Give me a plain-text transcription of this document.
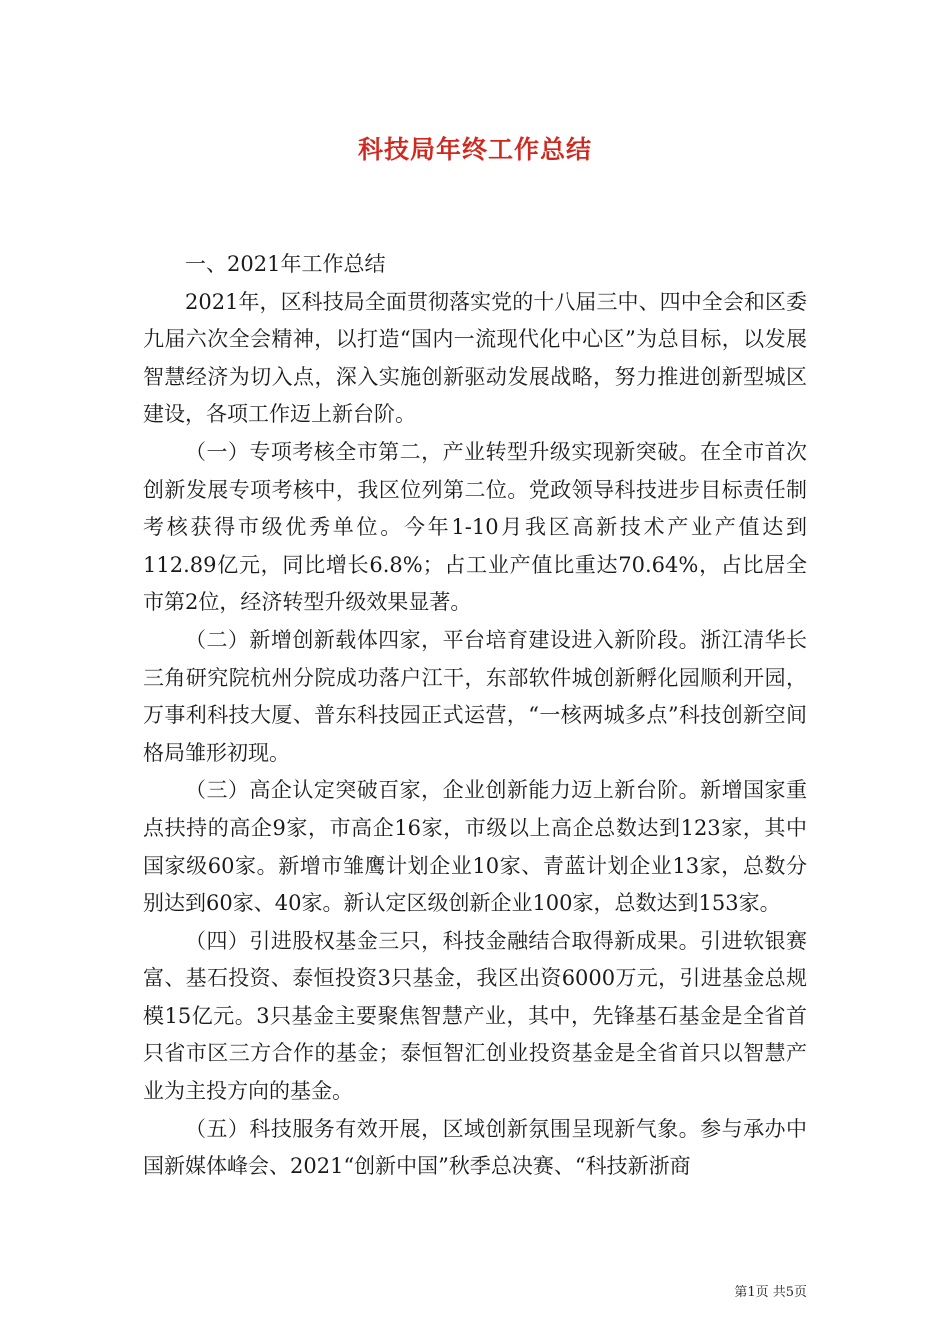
科技局年终工作总结

一、2021年工作总结

2021年，区科技局全面贯彻落实党的十八届三中、四中全会和区委九届六次全会精神，以打造“国内一流现代化中心区”为总目标，以发展智慧经济为切入点，深入实施创新驱动发展战略，努力推进创新型城区建设，各项工作迈上新台阶。

（一）专项考核全市第二，产业转型升级实现新突破。在全市首次创新发展专项考核中，我区位列第二位。党政领导科技进步目标责任制考核获得市级优秀单位。今年1-10月我区高新技术产业产值达到112.89亿元，同比增长6.8%；占工业产值比重达70.64%，占比居全市第2位，经济转型升级效果显著。

（二）新增创新载体四家，平台培育建设进入新阶段。浙江清华长三角研究院杭州分院成功落户江干，东部软件城创新孵化园顺利开园，万事利科技大厦、普东科技园正式运营，“一核两城多点”科技创新空间格局雏形初现。

（三）高企认定突破百家，企业创新能力迈上新台阶。新增国家重点扶持的高企9家，市高企16家，市级以上高企总数达到123家，其中国家级60家。新增市雏鹰计划企业10家、青蓝计划企业13家，总数分别达到60家、40家。新认定区级创新企业100家，总数达到153家。

（四）引进股权基金三只，科技金融结合取得新成果。引进软银赛富、基石投资、泰恒投资3只基金，我区出资6000万元，引进基金总规模15亿元。3只基金主要聚焦智慧产业，其中，先锋基石基金是全省首只省市区三方合作的基金；泰恒智汇创业投资基金是全省首只以智慧产业为主投方向的基金。

（五）科技服务有效开展，区域创新氛围呈现新气象。参与承办中国新媒体峰会、2021“创新中国”秋季总决赛、“科技新浙商

第1页 共5页
